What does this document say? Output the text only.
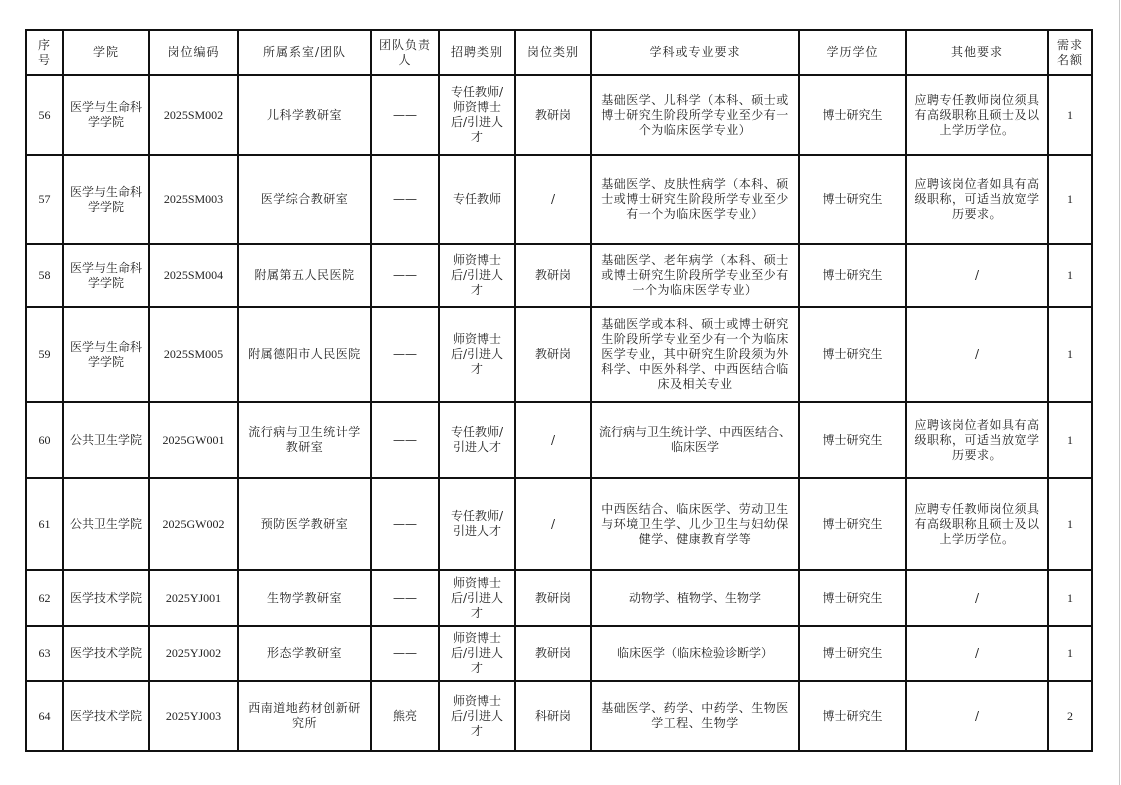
序号	学院	岗位编码	所属系室/团队	团队负责人	招聘类别	岗位类别	学科或专业要求	学历学位	其他要求	需求名额
56	医学与生命科学学院	2025SM002	儿科学教研室	——	专任教师/师资博士后/引进人才	教研岗	基础医学、儿科学（本科、硕士或博士研究生阶段所学专业至少有一个为临床医学专业）	博士研究生	应聘专任教师岗位须具有高级职称且硕士及以上学历学位。	1
57	医学与生命科学学院	2025SM003	医学综合教研室	——	专任教师	/	基础医学、皮肤性病学（本科、硕士或博士研究生阶段所学专业至少有一个为临床医学专业）	博士研究生	应聘该岗位者如具有高级职称，可适当放宽学历要求。	1
58	医学与生命科学学院	2025SM004	附属第五人民医院	——	师资博士后/引进人才	教研岗	基础医学、老年病学（本科、硕士或博士研究生阶段所学专业至少有一个为临床医学专业）	博士研究生	/	1
59	医学与生命科学学院	2025SM005	附属德阳市人民医院	——	师资博士后/引进人才	教研岗	基础医学或本科、硕士或博士研究生阶段所学专业至少有一个为临床医学专业，其中研究生阶段须为外科学、中医外科学、中西医结合临床及相关专业	博士研究生	/	1
60	公共卫生学院	2025GW001	流行病与卫生统计学教研室	——	专任教师/引进人才	/	流行病与卫生统计学、中西医结合、临床医学	博士研究生	应聘该岗位者如具有高级职称，可适当放宽学历要求。	1
61	公共卫生学院	2025GW002	预防医学教研室	——	专任教师/引进人才	/	中西医结合、临床医学、劳动卫生与环境卫生学、儿少卫生与妇幼保健学、健康教育学等	博士研究生	应聘专任教师岗位须具有高级职称且硕士及以上学历学位。	1
62	医学技术学院	2025YJ001	生物学教研室	——	师资博士后/引进人才	教研岗	动物学、植物学、生物学	博士研究生	/	1
63	医学技术学院	2025YJ002	形态学教研室	——	师资博士后/引进人才	教研岗	临床医学（临床检验诊断学）	博士研究生	/	1
64	医学技术学院	2025YJ003	西南道地药材创新研究所	熊亮	师资博士后/引进人才	科研岗	基础医学、药学、中药学、生物医学工程、生物学	博士研究生	/	2
